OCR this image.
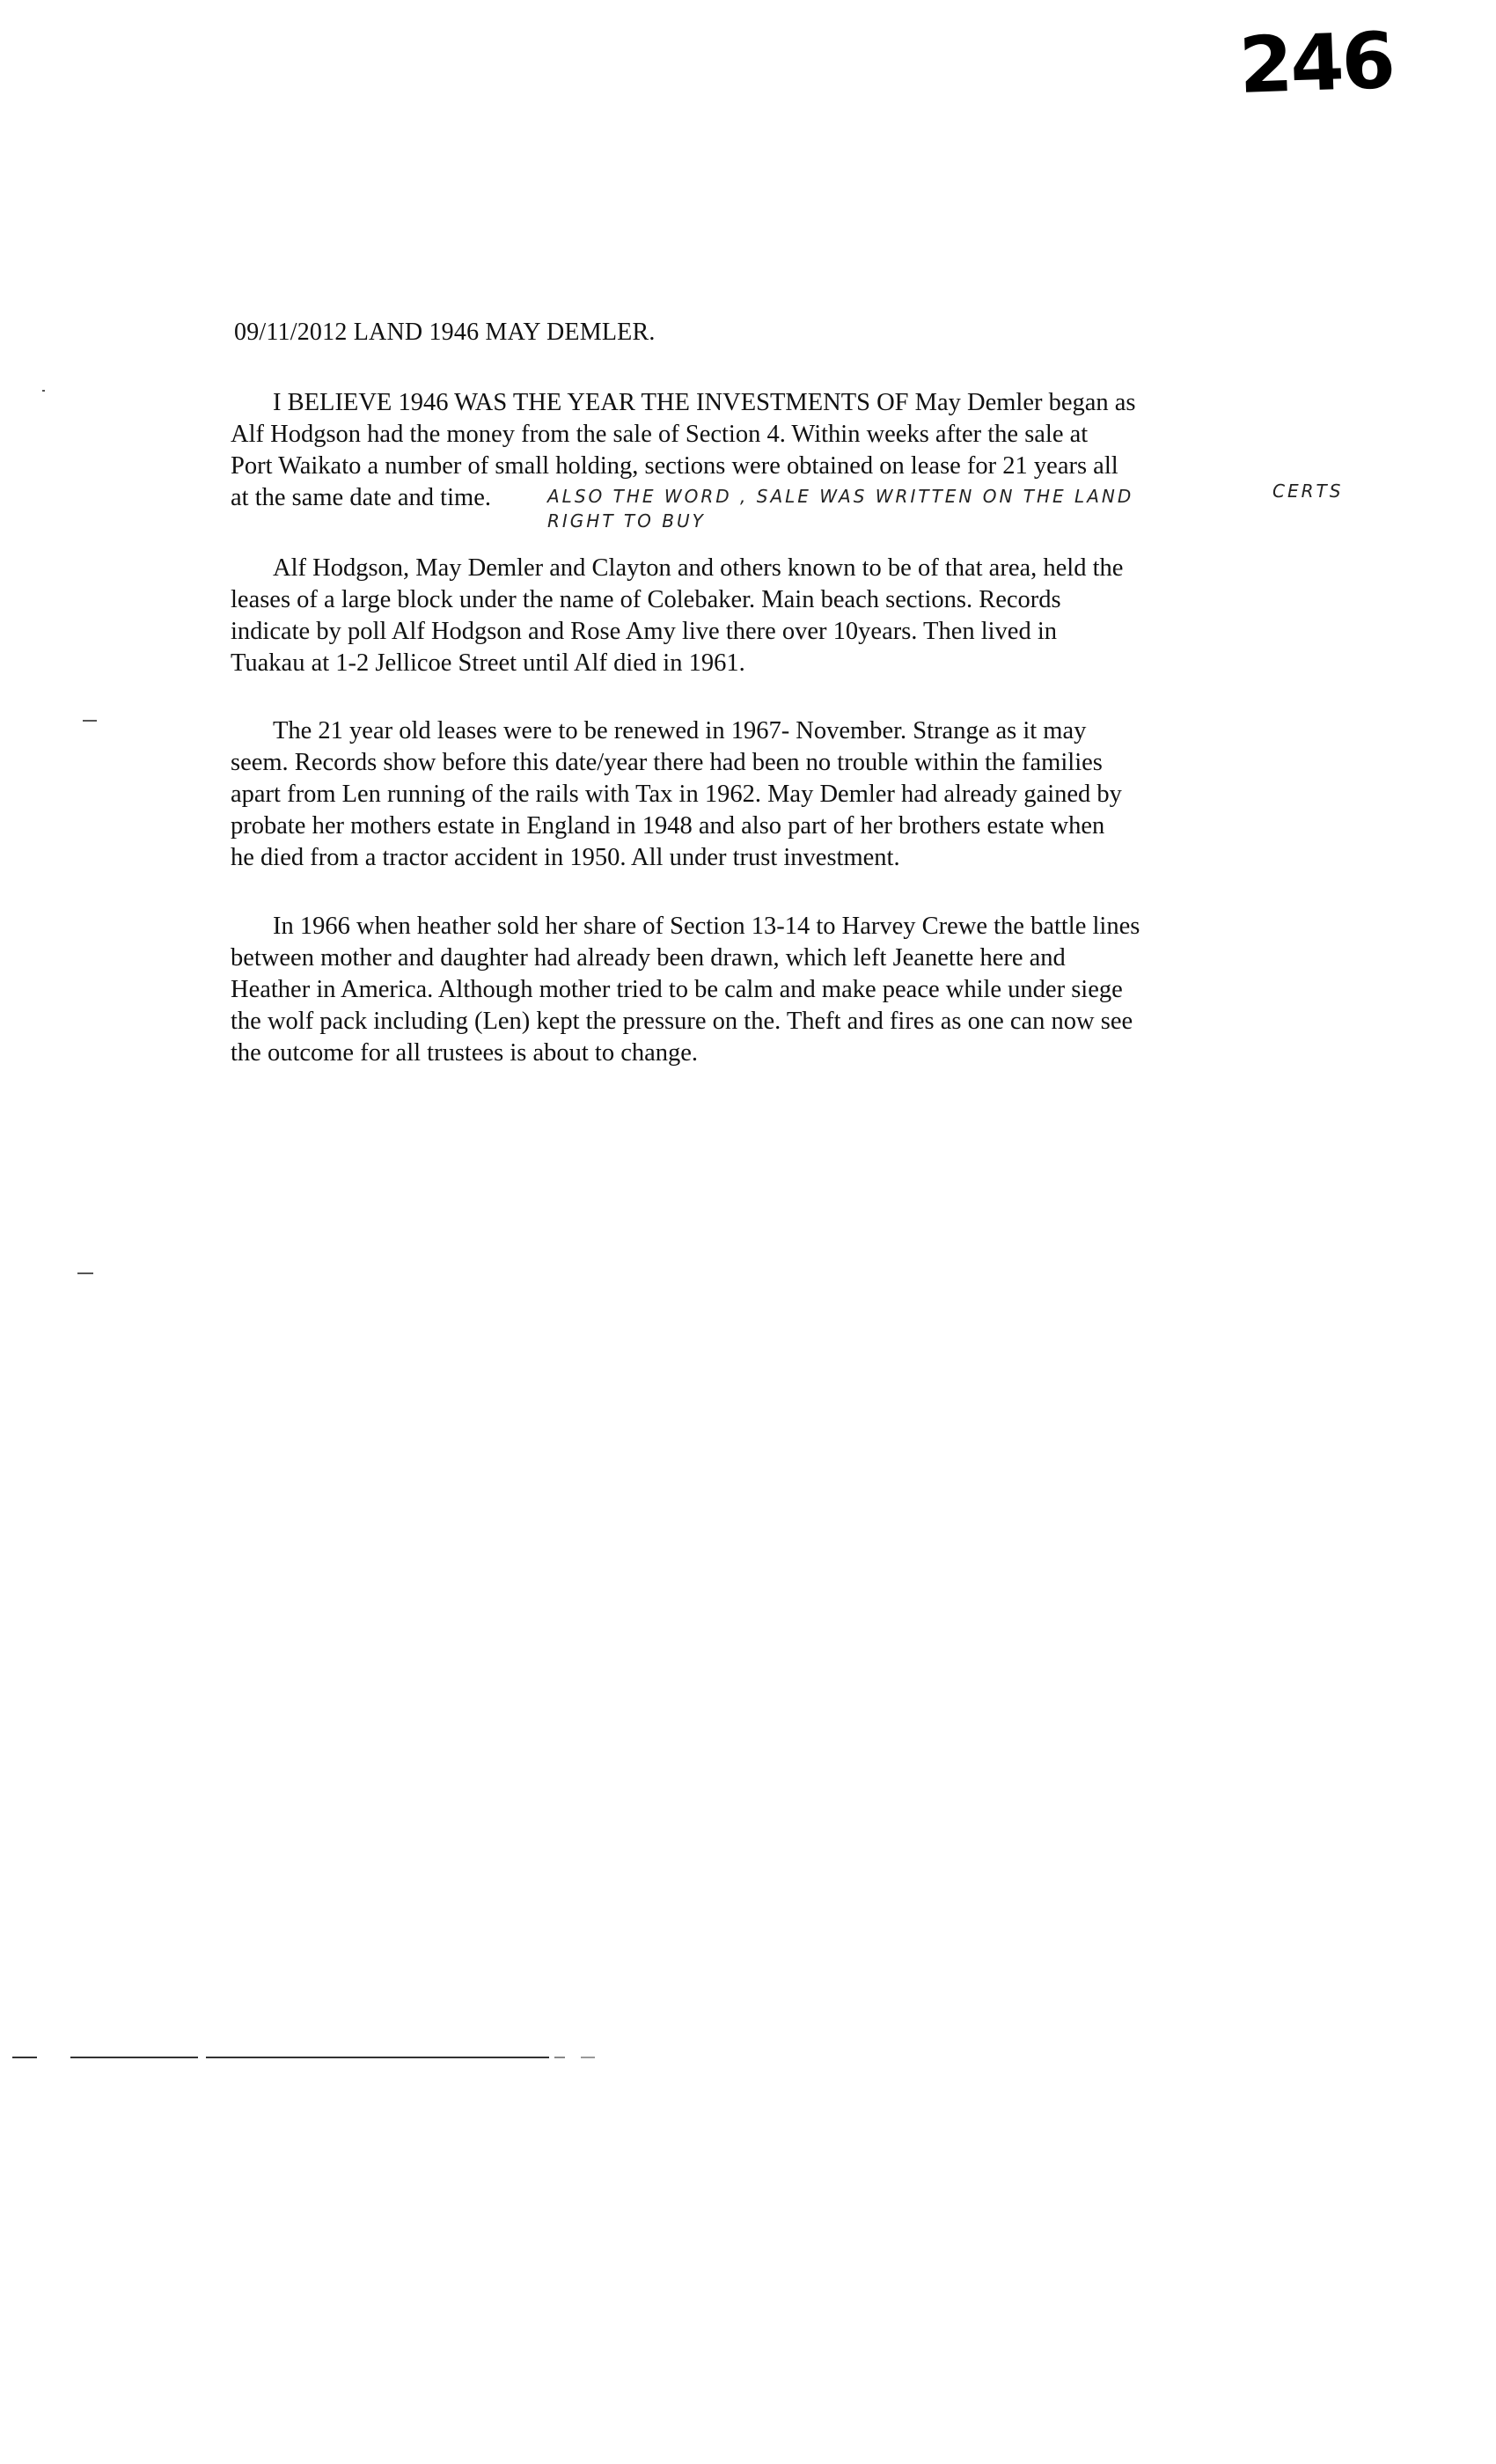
246
09/11/2012 LAND 1946 MAY DEMLER.
I BELIEVE 1946 WAS THE YEAR THE INVESTMENTS OF May Demler began as
Alf Hodgson had the money from the sale of Section 4. Within weeks after the sale at
Port Waikato a number of small holding, sections were obtained on lease for 21 years all
at the same date and time.	ALSO THE WORD , SALE WAS WRITTEN ON THE LAND	CERTS
RIGHT TO BUY
Alf Hodgson, May Demler and Clayton and others known to be of that area, held the
leases of a large block under the name of Colebaker. Main beach sections. Records
indicate by poll Alf Hodgson and Rose Amy live there over 10years. Then lived in
Tuakau at 1-2 Jellicoe Street until Alf died in 1961.
The 21 year old leases were to be renewed in 1967- November. Strange as it may
seem. Records show before this date/year there had been no trouble within the families
apart from Len running of the rails with Tax in 1962. May Demler had already gained by
probate her mothers estate in England in 1948 and also part of her brothers estate when
he died from a tractor accident in 1950. All under trust investment.
In 1966 when heather sold her share of Section 13-14 to Harvey Crewe the battle lines
between mother and daughter had already been drawn, which left Jeanette here and
Heather in America. Although mother tried to be calm and make peace while under siege
the wolf pack including (Len) kept the pressure on the. Theft and fires as one can now see
the outcome for all trustees is about to change.
